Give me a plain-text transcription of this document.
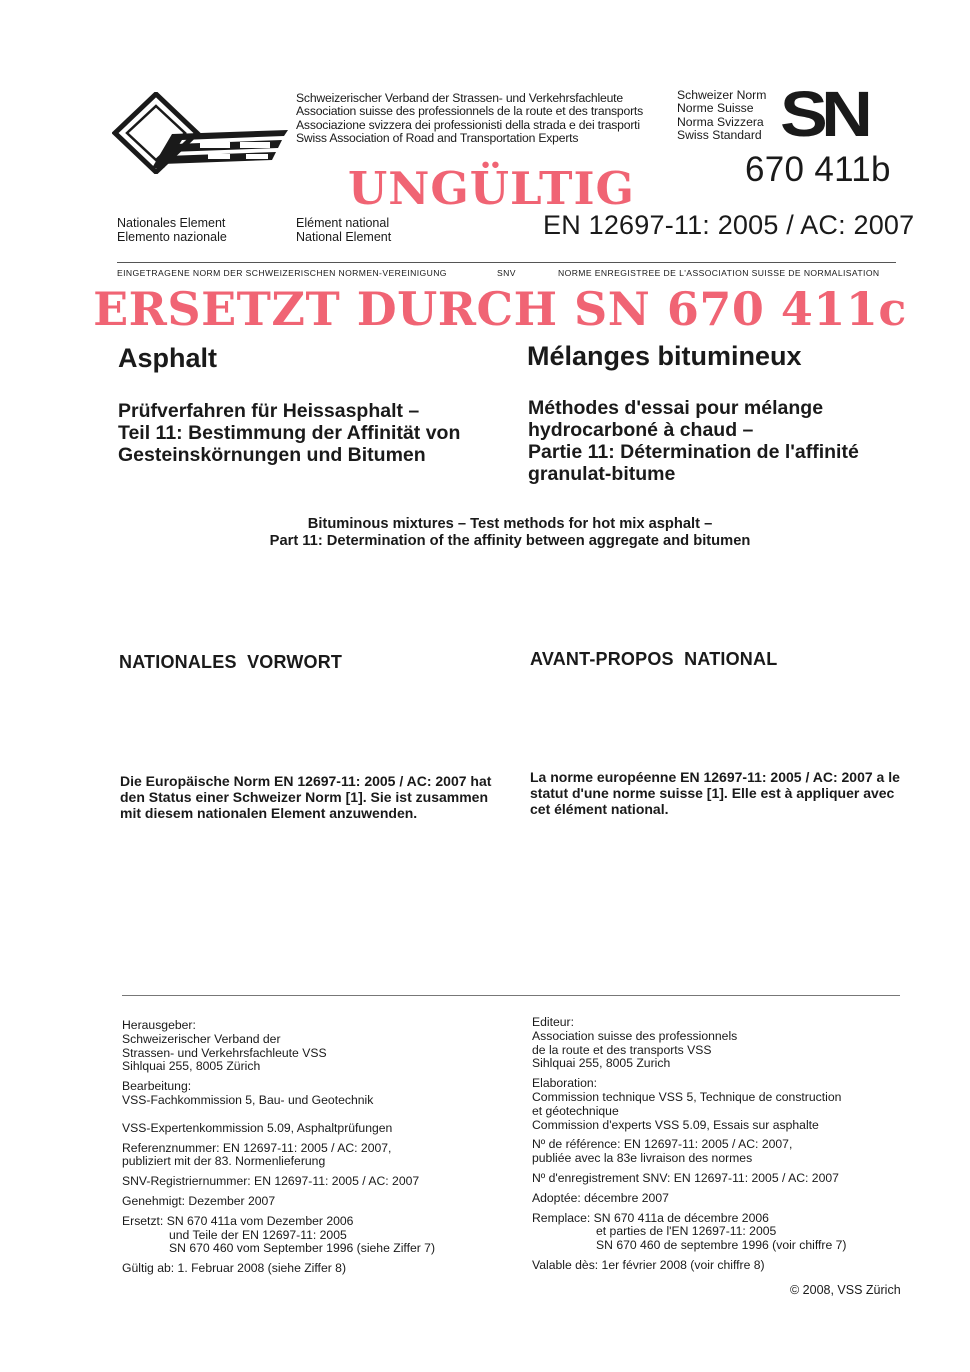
Schweizerischer Verband der Strassen- und Verkehrsfachleute
Association suisse des professionnels de la route et des transports
Associazione svizzera dei professionisti della strada e dei trasporti
Swiss Association of Road and Transportation Experts
Schweizer Norm
Norme Suisse
Norma Svizzera
Swiss Standard SN
670 411b
UNGÜLTIG
Nationales Element
Elemento nazionale
Elément national
National Element	EN 12697-11: 2005 / AC: 2007
EINGETRAGENE NORM DER SCHWEIZERISCHEN NORMEN-VEREINIGUNG	SNV	NORME ENREGISTREE DE L'ASSOCIATION SUISSE DE NORMALISATION
ERSETZT DURCH SN 670 411c
Asphalt	Mélanges bitumineux
Prüfverfahren für Heissasphalt –
Teil 11: Bestimmung der Affinität von
Gesteinskörnungen und Bitumen
Méthodes d'essai pour mélange
hydrocarboné à chaud –
Partie 11: Détermination de l'affinité
granulat-bitume
Bituminous mixtures – Test methods for hot mix asphalt –
Part 11: Determination of the affinity between aggregate and bitumen
NATIONALES  VORWORT	AVANT-PROPOS  NATIONAL
Die Europäische Norm EN 12697-11: 2005 / AC: 2007 hat
den Status einer Schweizer Norm [1]. Sie ist zusammen
mit diesem nationalen Element anzuwenden.
La norme européenne EN 12697-11: 2005 / AC: 2007 a le
statut d'une norme suisse [1]. Elle est à appliquer avec
cet élément national.

Herausgeber:

Schweizerischer Verband der

Strassen- und Verkehrsfachleute VSS

Sihlquai 255, 8005 Zürich

Bearbeitung:

VSS-Fachkommission 5, Bau- und Geotechnik

VSS-Expertenkommission 5.09, Asphaltprüfungen

Referenznummer: EN 12697-11: 2005 / AC: 2007,

publiziert mit der 83. Normenlieferung

SNV-Registriernummer: EN 12697-11: 2005 / AC: 2007

Genehmigt: Dezember 2007

Ersetzt: SN 670 411a vom Dezember 2006

und Teile der EN 12697-11: 2005

SN 670 460 vom September 1996 (siehe Ziffer 7)

Gültig ab: 1. Februar 2008 (siehe Ziffer 8)

Editeur:

Association suisse des professionnels

de la route et des transports VSS

Sihlquai 255, 8005 Zurich

Elaboration:

Commission technique VSS 5, Technique de construction

et géotechnique

Commission d'experts VSS 5.09, Essais sur asphalte

Nº de référence: EN 12697-11: 2005 / AC: 2007,

publiée avec la 83e livraison des normes

Nº d'enregistrement SNV: EN 12697-11: 2005 / AC: 2007

Adoptée: décembre 2007

Remplace: SN 670 411a de décembre 2006

et parties de l'EN 12697-11: 2005

SN 670 460 de septembre 1996 (voir chiffre 7)

Valable dès: 1er février 2008 (voir chiffre 8)

© 2008, VSS Zürich
